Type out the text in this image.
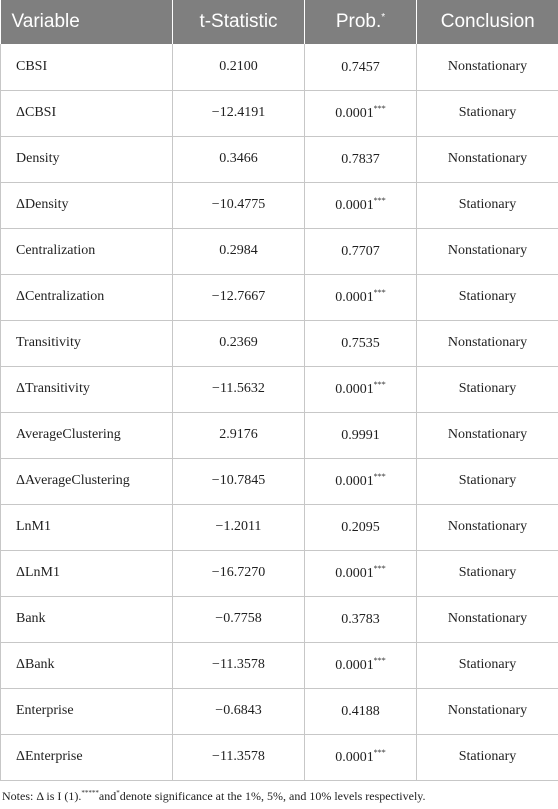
Variable	t-Statistic	Prob.*	Conclusion
CBSI	0.2100	0.7457	Nonstationary
ΔCBSI	−12.4191	0.0001***	Stationary
Density	0.3466	0.7837	Nonstationary
ΔDensity	−10.4775	0.0001***	Stationary
Centralization	0.2984	0.7707	Nonstationary
ΔCentralization	−12.7667	0.0001***	Stationary
Transitivity	0.2369	0.7535	Nonstationary
ΔTransitivity	−11.5632	0.0001***	Stationary
AverageClustering	2.9176	0.9991	Nonstationary
ΔAverageClustering	−10.7845	0.0001***	Stationary
LnM1	−1.2011	0.2095	Nonstationary
ΔLnM1	−16.7270	0.0001***	Stationary
Bank	−0.7758	0.3783	Nonstationary
ΔBank	−11.3578	0.0001***	Stationary
Enterprise	−0.6843	0.4188	Nonstationary
ΔEnterprise	−11.3578	0.0001***	Stationary
Notes: Δ is I (1).*****and*denote significance at the 1%, 5%, and 10% levels respectively.
